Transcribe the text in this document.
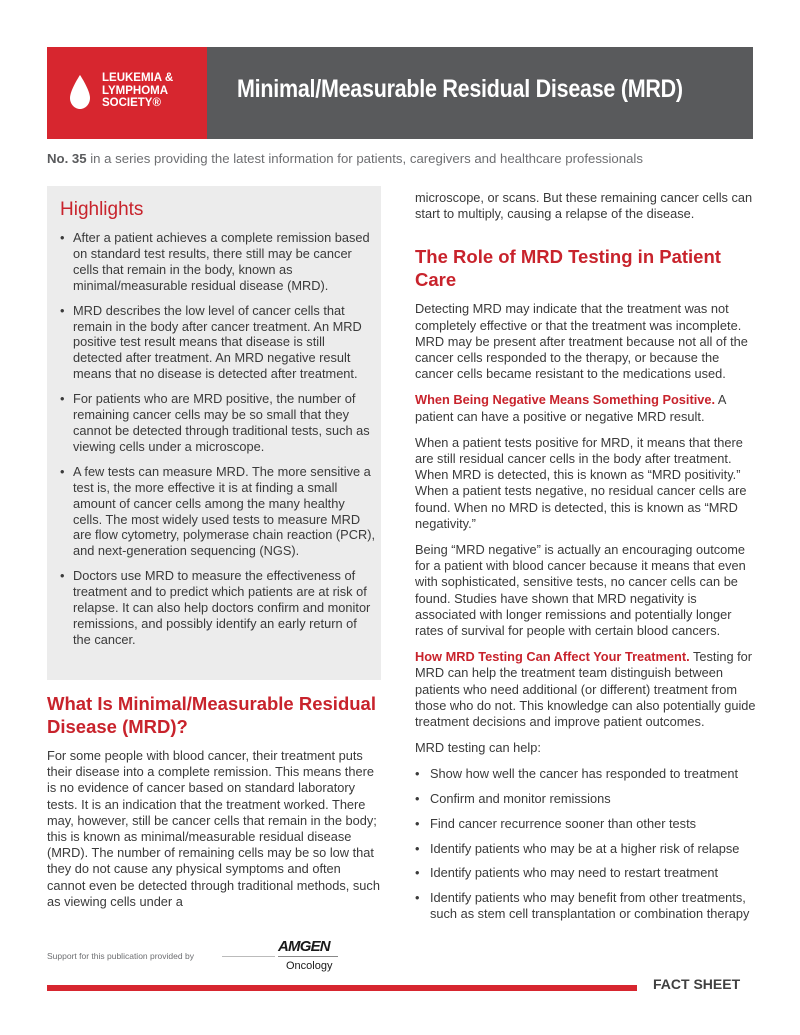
LEUKEMIA &
LYMPHOMA
SOCIETY®	Minimal/Measurable Residual Disease (MRD)
No. 35 in a series providing the latest information for patients, caregivers and healthcare professionals
Highlights
• After a patient achieves a complete remission based on standard test results, there still may be cancer cells that remain in the body, known as minimal/measurable residual disease (MRD).
• MRD describes the low level of cancer cells that remain in the body after cancer treatment. An MRD positive test result means that disease is still detected after treatment. An MRD negative result means that no disease is detected after treatment.
• For patients who are MRD positive, the number of remaining cancer cells may be so small that they cannot be detected through traditional tests, such as viewing cells under a microscope.
• A few tests can measure MRD. The more sensitive a test is, the more effective it is at finding a small amount of cancer cells among the many healthy cells. The most widely used tests to measure MRD are flow cytometry, polymerase chain reaction (PCR), and next-generation sequencing (NGS).
• Doctors use MRD to measure the effectiveness of treatment and to predict which patients are at risk of relapse. It can also help doctors confirm and monitor remissions, and possibly identify an early return of the cancer.
What Is Minimal/Measurable Residual Disease (MRD)?

For some people with blood cancer, their treatment puts their disease into a complete remission. This means there is no evidence of cancer based on standard laboratory tests. It is an indication that the treatment worked. There may, however, still be cancer cells that remain in the body; this is known as minimal/measurable residual disease (MRD). The number of remaining cells may be so low that they do not cause any physical symptoms and often cannot even be detected through traditional methods, such as viewing cells under a

microscope, or scans. But these remaining cancer cells can start to multiply, causing a relapse of the disease.

The Role of MRD Testing in Patient Care

Detecting MRD may indicate that the treatment was not completely effective or that the treatment was incomplete. MRD may be present after treatment because not all of the cancer cells responded to the therapy, or because the cancer cells became resistant to the medications used.

When Being Negative Means Something Positive. A patient can have a positive or negative MRD result.

When a patient tests positive for MRD, it means that there are still residual cancer cells in the body after treatment. When MRD is detected, this is known as “MRD positivity.” When a patient tests negative, no residual cancer cells are found. When no MRD is detected, this is known as “MRD negativity.”

Being “MRD negative” is actually an encouraging outcome for a patient with blood cancer because it means that even with sophisticated, sensitive tests, no cancer cells can be found. Studies have shown that MRD negativity is associated with longer remissions and potentially longer rates of survival for people with certain blood cancers.

How MRD Testing Can Affect Your Treatment. Testing for MRD can help the treatment team distinguish between patients who need additional (or different) treatment from those who do not. This knowledge can also potentially guide treatment decisions and improve patient outcomes.

MRD testing can help:

• Show how well the cancer has responded to treatment
• Confirm and monitor remissions
• Find cancer recurrence sooner than other tests
• Identify patients who may be at a higher risk of relapse
• Identify patients who may need to restart treatment
• Identify patients who may benefit from other treatments, such as stem cell transplantation or combination therapy
Support for this publication provided by
AMGEN
Oncology
FACT SHEET
